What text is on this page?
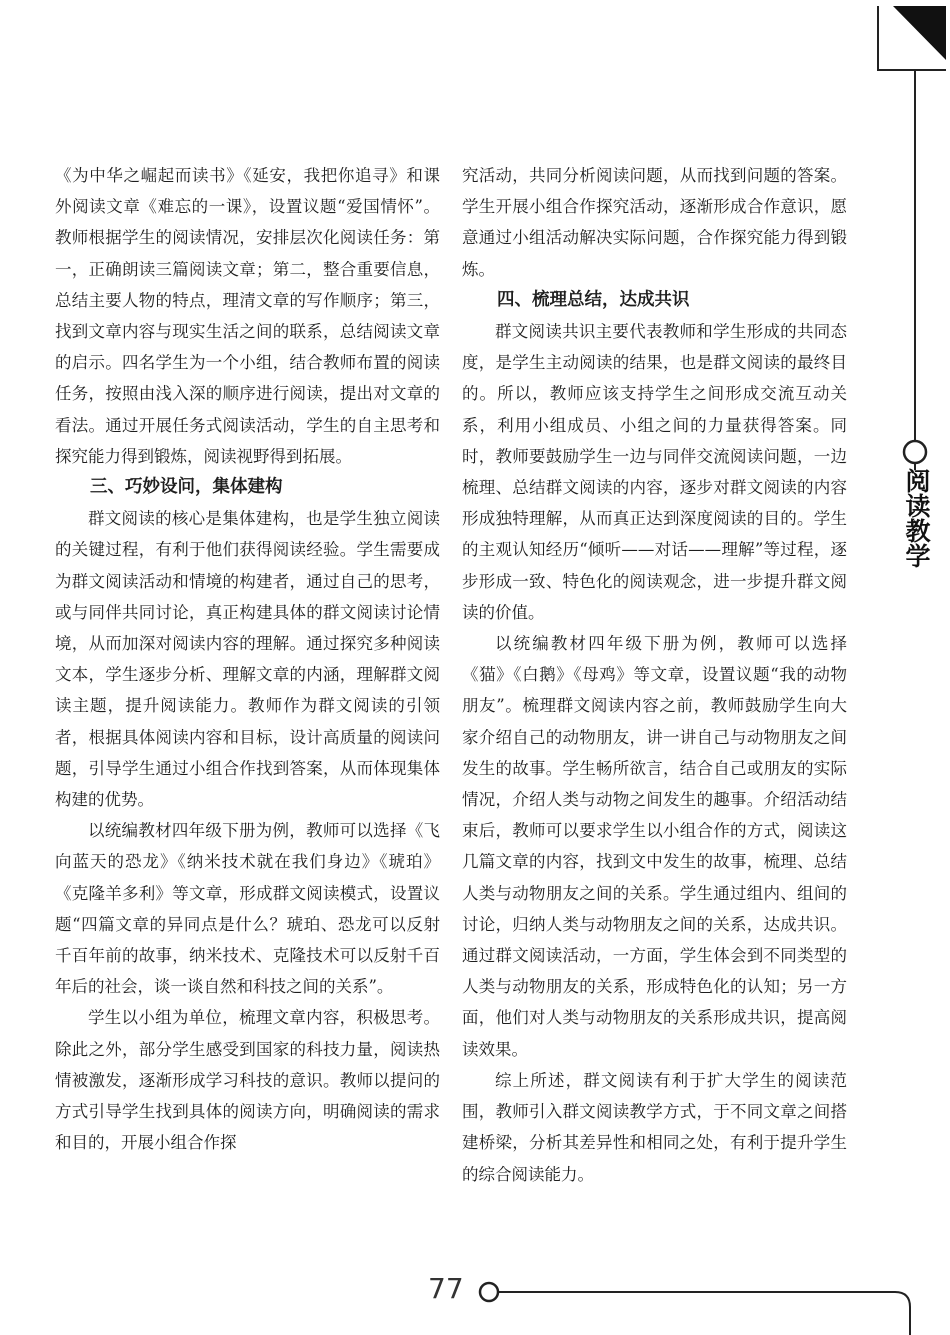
阅读教学

《为中华之崛起而读书》《延安，我把你追寻》和课外阅读文章《难忘的一课》，设置议题“爱国情怀”。教师根据学生的阅读情况，安排层次化阅读任务：第一，正确朗读三篇阅读文章；第二，整合重要信息，总结主要人物的特点，理清文章的写作顺序；第三，找到文章内容与现实生活之间的联系，总结阅读文章的启示。四名学生为一个小组，结合教师布置的阅读任务，按照由浅入深的顺序进行阅读，提出对文章的看法。通过开展任务式阅读活动，学生的自主思考和探究能力得到锻炼，阅读视野得到拓展。

三、巧妙设问，集体建构

群文阅读的核心是集体建构，也是学生独立阅读的关键过程，有利于他们获得阅读经验。学生需要成为群文阅读活动和情境的构建者，通过自己的思考，或与同伴共同讨论，真正构建具体的群文阅读讨论情境，从而加深对阅读内容的理解。通过探究多种阅读文本，学生逐步分析、理解文章的内涵，理解群文阅读主题，提升阅读能力。教师作为群文阅读的引领者，根据具体阅读内容和目标，设计高质量的阅读问题，引导学生通过小组合作找到答案，从而体现集体构建的优势。

以统编教材四年级下册为例，教师可以选择《飞向蓝天的恐龙》《纳米技术就在我们身边》《琥珀》《克隆羊多利》等文章，形成群文阅读模式，设置议题“四篇文章的异同点是什么？琥珀、恐龙可以反射千百年前的故事，纳米技术、克隆技术可以反射千百年后的社会，谈一谈自然和科技之间的关系”。

学生以小组为单位，梳理文章内容，积极思考。除此之外，部分学生感受到国家的科技力量，阅读热情被激发，逐渐形成学习科技的意识。教师以提问的方式引导学生找到具体的阅读方向，明确阅读的需求和目的，开展小组合作探

究活动，共同分析阅读问题，从而找到问题的答案。学生开展小组合作探究活动，逐渐形成合作意识，愿意通过小组活动解决实际问题，合作探究能力得到锻炼。

四、梳理总结，达成共识

群文阅读共识主要代表教师和学生形成的共同态度，是学生主动阅读的结果，也是群文阅读的最终目的。所以，教师应该支持学生之间形成交流互动关系，利用小组成员、小组之间的力量获得答案。同时，教师要鼓励学生一边与同伴交流阅读问题，一边梳理、总结群文阅读的内容，逐步对群文阅读的内容形成独特理解，从而真正达到深度阅读的目的。学生的主观认知经历“倾听——对话——理解”等过程，逐步形成一致、特色化的阅读观念，进一步提升群文阅读的价值。

以统编教材四年级下册为例，教师可以选择《猫》《白鹅》《母鸡》等文章，设置议题“我的动物朋友”。梳理群文阅读内容之前，教师鼓励学生向大家介绍自己的动物朋友，讲一讲自己与动物朋友之间发生的故事。学生畅所欲言，结合自己或朋友的实际情况，介绍人类与动物之间发生的趣事。介绍活动结束后，教师可以要求学生以小组合作的方式，阅读这几篇文章的内容，找到文中发生的故事，梳理、总结人类与动物朋友之间的关系。学生通过组内、组间的讨论，归纳人类与动物朋友之间的关系，达成共识。通过群文阅读活动，一方面，学生体会到不同类型的人类与动物朋友的关系，形成特色化的认知；另一方面，他们对人类与动物朋友的关系形成共识，提高阅读效果。

综上所述，群文阅读有利于扩大学生的阅读范围，教师引入群文阅读教学方式，于不同文章之间搭建桥梁，分析其差异性和相同之处，有利于提升学生的综合阅读能力。

77
